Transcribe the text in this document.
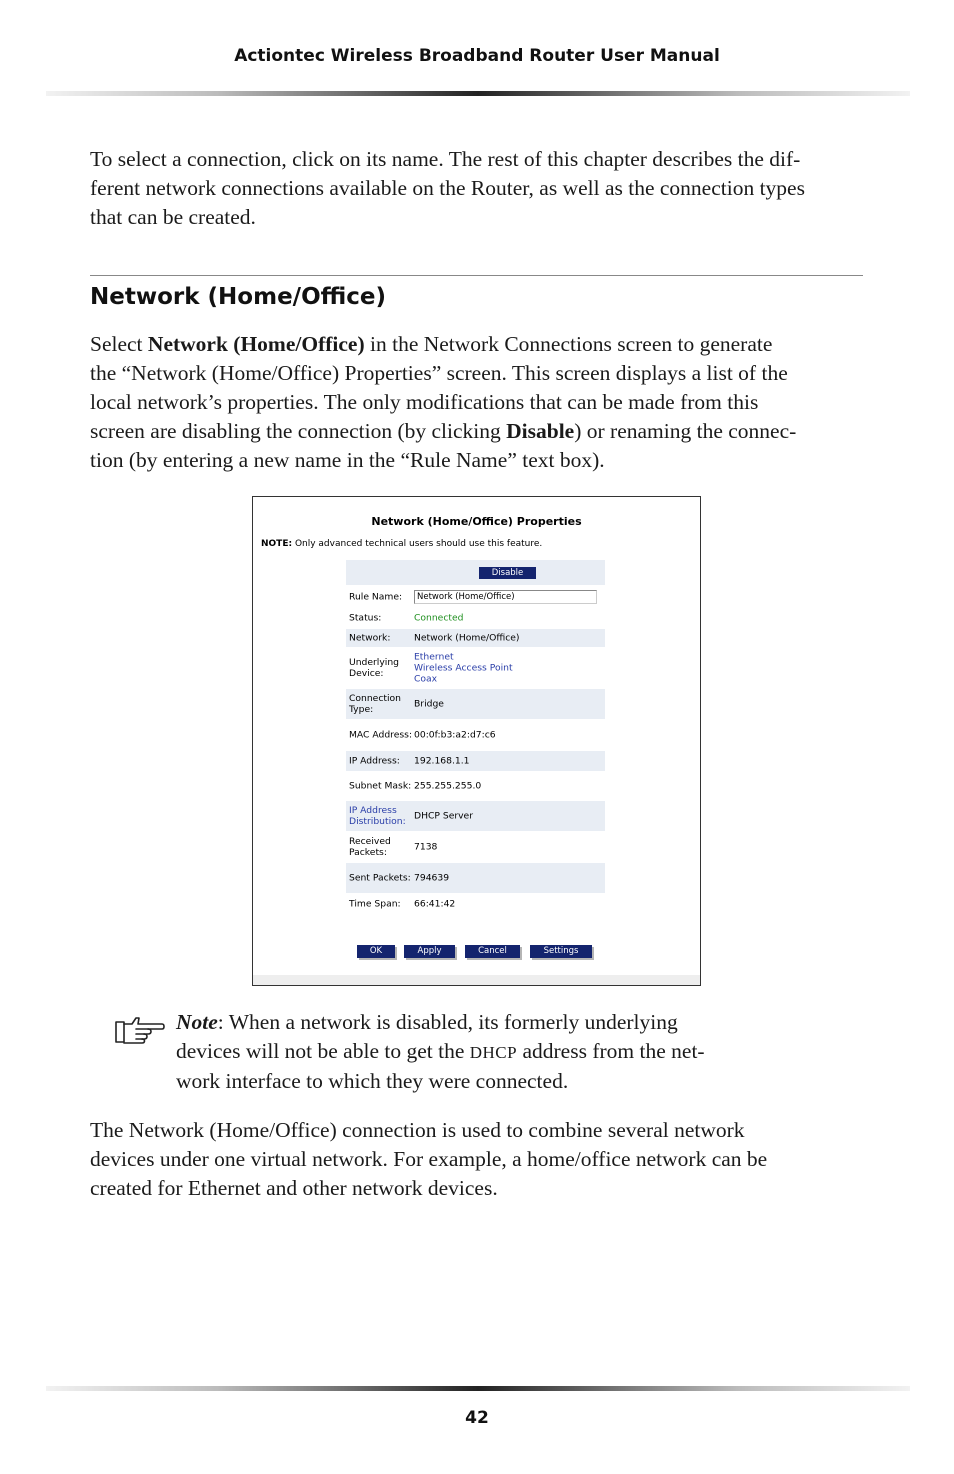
Actiontec Wireless Broadband Router User Manual

To select a connection, click on its name. The rest of this chapter describes the dif-
ferent network connections available on the Router, as well as the connection types
that can be created.

Network (Home/Office)

Select Network (Home/Office) in the Network Connections screen to generate
the “Network (Home/Office) Properties” screen. This screen displays a list of the
local network’s properties. The only modifications that can be made from this
screen are disabling the connection (by clicking Disable) or renaming the connec-
tion (by entering a new name in the “Rule Name” text box).

Network (Home/Office) Properties
NOTE: Only advanced technical users should use this feature.
Disable
Rule Name:
Network (Home/Office)
Status:	Connected
Network:	Network (Home/Office)
Underlying Device:
Ethernet
Wireless Access Point
Coax
Connection Type:	Bridge
MAC Address: 00:0f:b3:a2:d7:c6
IP Address:	192.168.1.1
Subnet Mask: 255.255.255.0
IP Address Distribution: DHCP Server
Received Packets:	7138
Sent Packets: 794639
Time Span:	66:41:42
OK	Apply	Cancel	Settings

Note: When a network is disabled, its formerly underlying
devices will not be able to get the DHCP address from the net-
work interface to which they were connected.

The Network (Home/Office) connection is used to combine several network
devices under one virtual network. For example, a home/office network can be
created for Ethernet and other network devices.

42
